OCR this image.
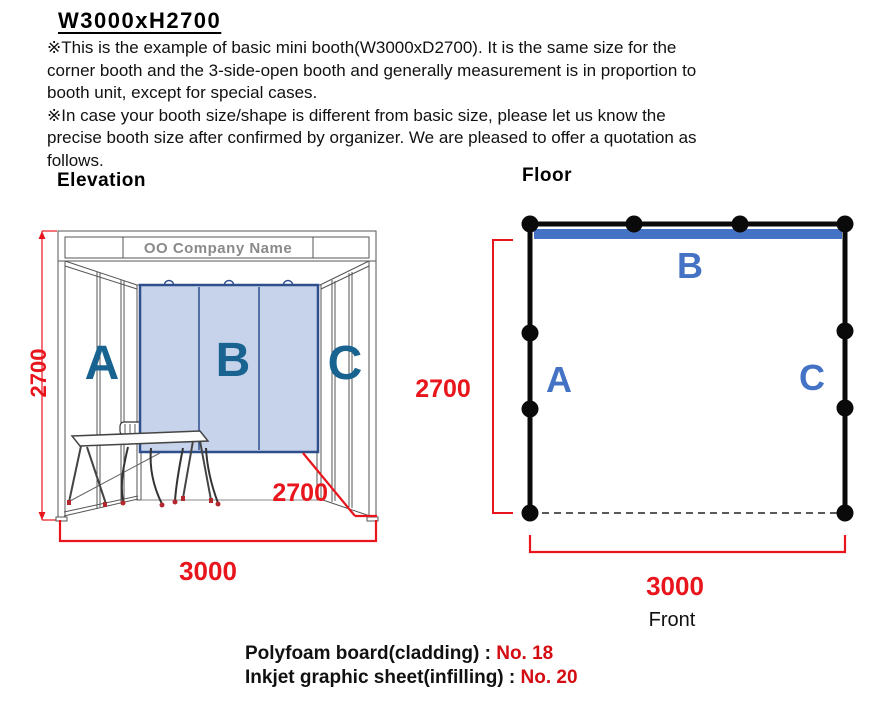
W3000xH2700
※This is the example of basic mini booth(W3000xD2700). It is the same size for the
corner booth and the 3-side-open booth and generally measurement is in proportion to
booth unit, except for special cases.
※In case your booth size/shape is different from basic size, please let us know the
precise booth size after confirmed by organizer. We are pleased to offer a quotation as
follows.
Elevation	Floor
2700
OO Company Name
A B C
2700
3000
B
A	C
2700
3000
Front
Polyfoam board(cladding) : No. 18
Inkjet graphic sheet(infilling) : No. 20
